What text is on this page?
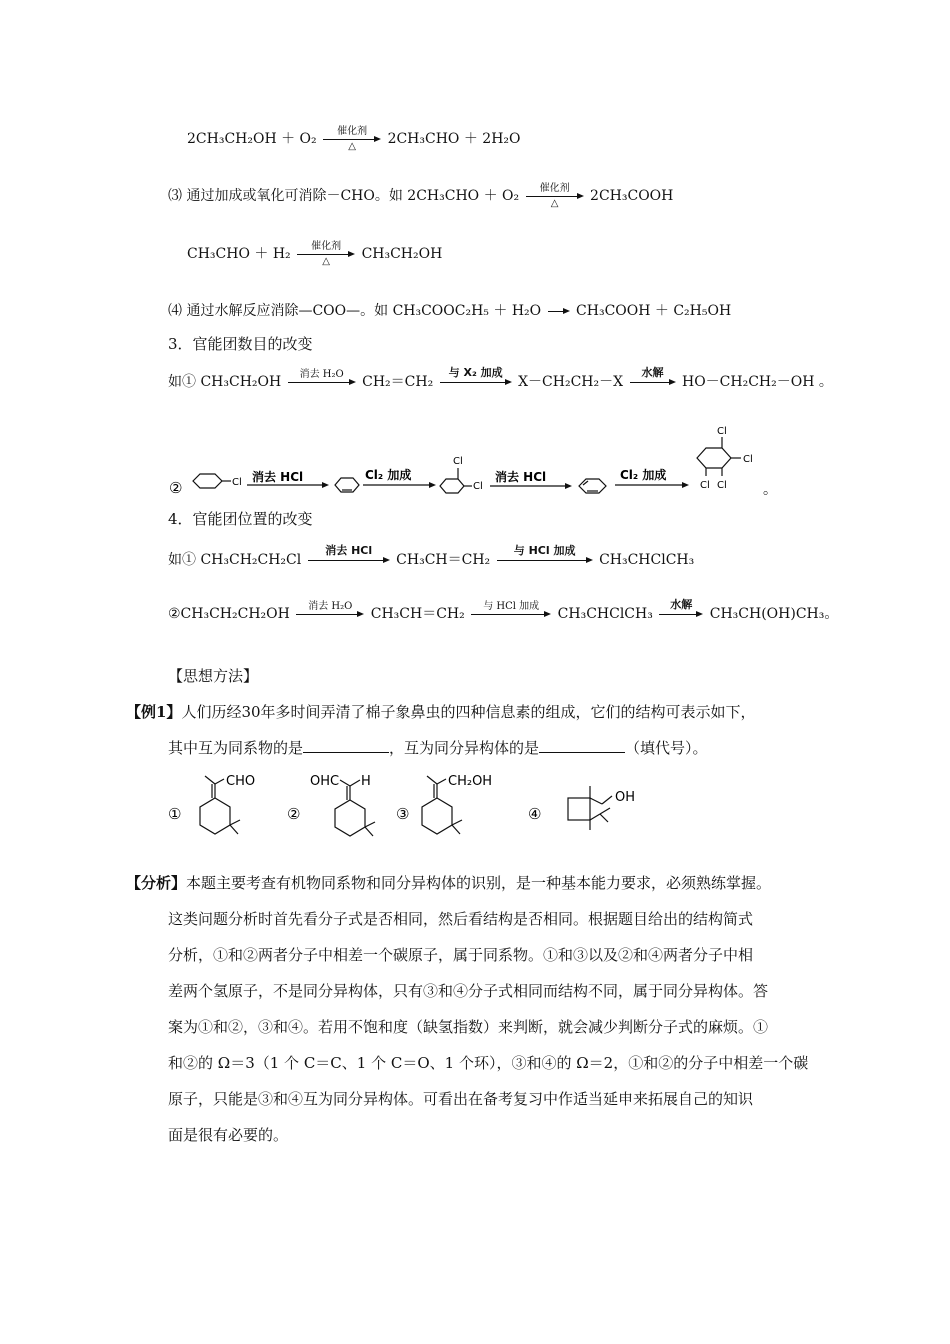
2CH₃CH₂OH ＋ O₂	催化剂
△	2CH₃CHO ＋ 2H₂O
⑶ 通过加成或氧化可消除－CHO。如 2CH₃CHO ＋ O₂	催化剂
△	2CH₃COOH
CH₃CHO ＋ H₂	催化剂
△	CH₃CH₂OH
⑷ 通过水解反应消除—COO—。如 CH₃COOC₂H₅ ＋ H₂O CH₃COOH ＋ C₂H₅OH
3．官能团数目的改变
如① CH₃CH₂OH	消去 H₂O	CH₂＝CH₂
与 X₂ 加成
X－CH₂CH₂－X
水解
HO－CH₂CH₂－OH 。
②	Cl 消去 HCl	Cl₂ 加成
Cl
Cl
消去 HCl	Cl₂ 加成
Cl
Cl
Cl Cl	。
4．官能团位置的改变
如① CH₃CH₂CH₂Cl
消去 HCl
CH₃CH＝CH₂
与 HCl 加成
CH₃CHClCH₃
②CH₃CH₂CH₂OH	消去 H₂O	CH₃CH＝CH₂	与 HCl 加成	CH₃CHClCH₃
水解
CH₃CH(OH)CH₃。
【思想方法】
【例1】人们历经30年多时间弄清了棉子象鼻虫的四种信息素的组成，它们的结构可表示如下，
其中互为同系物的是	，互为同分异构体的是	（填代号）。
①
CHO
②
OHC H
③
CH₂OH
④
OH
【分析】本题主要考查有机物同系物和同分异构体的识别，是一种基本能力要求，必须熟练掌握。
这类问题分析时首先看分子式是否相同，然后看结构是否相同。根据题目给出的结构简式
分析，①和②两者分子中相差一个碳原子，属于同系物。①和③以及②和④两者分子中相
差两个氢原子，不是同分异构体，只有③和④分子式相同而结构不同，属于同分异构体。答
案为①和②，③和④。若用不饱和度（缺氢指数）来判断，就会减少判断分子式的麻烦。①
和②的 Ω＝3（1 个 C＝C、1 个 C＝O、1 个环），③和④的 Ω＝2，①和②的分子中相差一个碳
原子，只能是③和④互为同分异构体。可看出在备考复习中作适当延申来拓展自己的知识
面是很有必要的。
